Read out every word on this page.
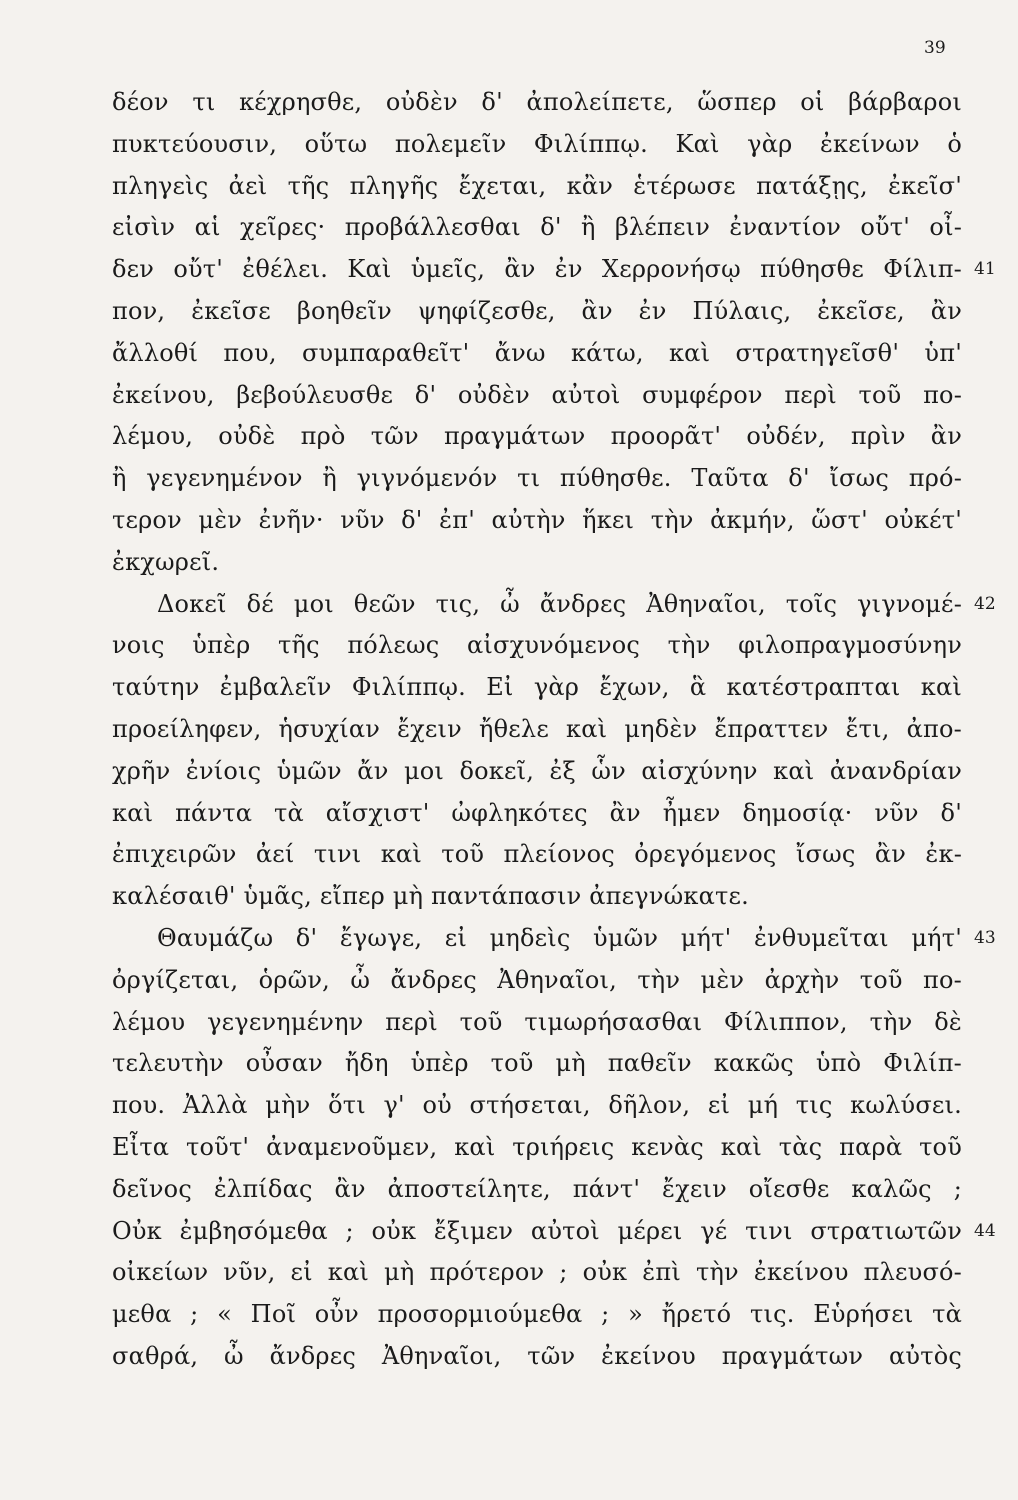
39
δέον τι κέχρησθε, οὐδὲν δ' ἀπολείπετε, ὥσπερ οἱ βάρβαροι
πυκτεύουσιν, οὕτω πολεμεῖν Φιλίππῳ. Καὶ γὰρ ἐκείνων ὁ
πληγεὶς ἀεὶ τῆς πληγῆς ἔχεται, κἂν ἑτέρωσε πατάξῃς, ἐκεῖσ'
εἰσὶν αἱ χεῖρες· προβάλλεσθαι δ' ἢ βλέπειν ἐναντίον οὔτ' οἶ-
δεν οὔτ' ἐθέλει. Καὶ ὑμεῖς, ἂν ἐν Χερρονήσῳ πύθησθε Φίλιπ- 41
πον, ἐκεῖσε βοηθεῖν ψηφίζεσθε, ἂν ἐν Πύλαις, ἐκεῖσε, ἂν
ἄλλοθί που, συμπαραθεῖτ' ἄνω κάτω, καὶ στρατηγεῖσθ' ὑπ'
ἐκείνου, βεβούλευσθε δ' οὐδὲν αὐτοὶ συμφέρον περὶ τοῦ πο-
λέμου, οὐδὲ πρὸ τῶν πραγμάτων προορᾶτ' οὐδέν, πρὶν ἂν
ἢ γεγενημένον ἢ γιγνόμενόν τι πύθησθε. Ταῦτα δ' ἴσως πρό-
τερον μὲν ἐνῆν· νῦν δ' ἐπ' αὐτὴν ἥκει τὴν ἀκμήν, ὥστ' οὐκέτ'
ἐκχωρεῖ.
Δοκεῖ δέ μοι θεῶν τις, ὦ ἄνδρες Ἀθηναῖοι, τοῖς γιγνομέ- 42
νοις ὑπὲρ τῆς πόλεως αἰσχυνόμενος τὴν φιλοπραγμοσύνην
ταύτην ἐμβαλεῖν Φιλίππῳ. Εἰ γὰρ ἔχων, ἃ κατέστραπται καὶ
προείληφεν, ἡσυχίαν ἔχειν ἤθελε καὶ μηδὲν ἔπραττεν ἔτι, ἀπο-
χρῆν ἐνίοις ὑμῶν ἄν μοι δοκεῖ, ἐξ ὧν αἰσχύνην καὶ ἀνανδρίαν
καὶ πάντα τὰ αἴσχιστ' ὠφληκότες ἂν ἦμεν δημοσίᾳ· νῦν δ'
ἐπιχειρῶν ἀεί τινι καὶ τοῦ πλείονος ὀρεγόμενος ἴσως ἂν ἐκ-
καλέσαιθ' ὑμᾶς, εἴπερ μὴ παντάπασιν ἀπεγνώκατε.
Θαυμάζω δ' ἔγωγε, εἰ μηδεὶς ὑμῶν μήτ' ἐνθυμεῖται μήτ' 43
ὀργίζεται, ὁρῶν, ὦ ἄνδρες Ἀθηναῖοι, τὴν μὲν ἀρχὴν τοῦ πο-
λέμου γεγενημένην περὶ τοῦ τιμωρήσασθαι Φίλιππον, τὴν δὲ
τελευτὴν οὖσαν ἤδη ὑπὲρ τοῦ μὴ παθεῖν κακῶς ὑπὸ Φιλίπ-
που. Ἀλλὰ μὴν ὅτι γ' οὐ στήσεται, δῆλον, εἰ μή τις κωλύσει.
Εἶτα τοῦτ' ἀναμενοῦμεν, καὶ τριήρεις κενὰς καὶ τὰς παρὰ τοῦ
δεῖνος ἐλπίδας ἂν ἀποστείλητε, πάντ' ἔχειν οἴεσθε καλῶς ;
Οὐκ ἐμβησόμεθα ; οὐκ ἔξιμεν αὐτοὶ μέρει γέ τινι στρατιωτῶν 44
οἰκείων νῦν, εἰ καὶ μὴ πρότερον ; οὐκ ἐπὶ τὴν ἐκείνου πλευσό-
μεθα ; « Ποῖ οὖν προσορμιούμεθα ; » ἤρετό τις. Εὑρήσει τὰ
σαθρά, ὦ ἄνδρες Ἀθηναῖοι, τῶν ἐκείνου πραγμάτων αὐτὸς
